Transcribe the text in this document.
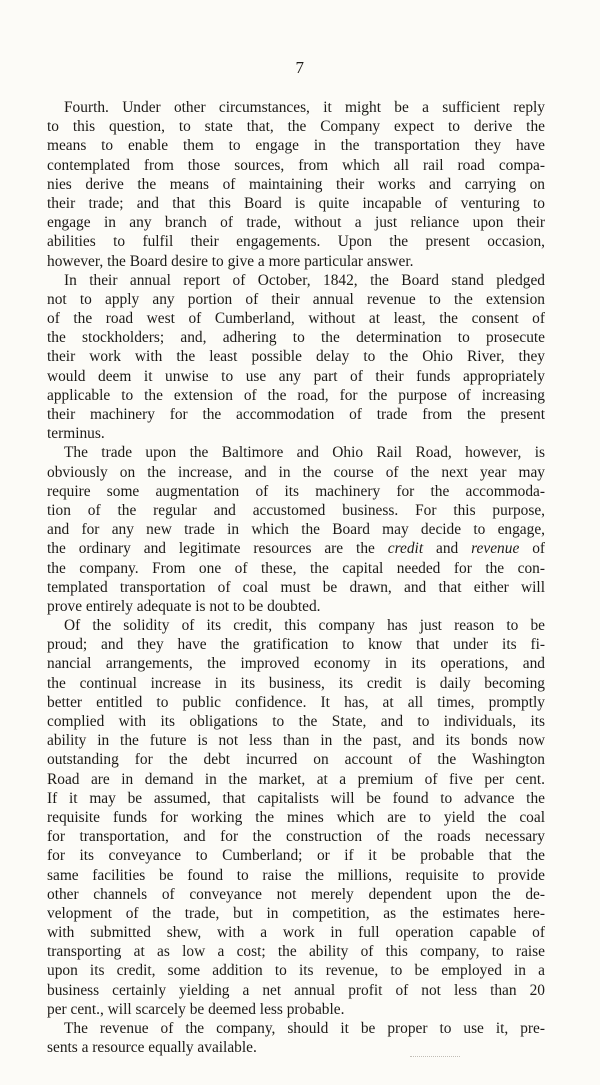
7

Fourth. Under other circumstances, it might be a sufficient reply
to this question, to state that, the Company expect to derive the
means to enable them to engage in the transportation they have
contemplated from those sources, from which all rail road compa-
nies derive the means of maintaining their works and carrying on
their trade; and that this Board is quite incapable of venturing to
engage in any branch of trade, without a just reliance upon their
abilities to fulfil their engagements. Upon the present occasion,
however, the Board desire to give a more particular answer.

In their annual report of October, 1842, the Board stand pledged
not to apply any portion of their annual revenue to the extension
of the road west of Cumberland, without at least, the consent of
the stockholders; and, adhering to the determination to prosecute
their work with the least possible delay to the Ohio River, they
would deem it unwise to use any part of their funds appropriately
applicable to the extension of the road, for the purpose of increasing
their machinery for the accommodation of trade from the present
terminus.

The trade upon the Baltimore and Ohio Rail Road, however, is
obviously on the increase, and in the course of the next year may
require some augmentation of its machinery for the accommoda-
tion of the regular and accustomed business. For this purpose,
and for any new trade in which the Board may decide to engage,
the ordinary and legitimate resources are the credit and revenue of
the company. From one of these, the capital needed for the con-
templated transportation of coal must be drawn, and that either will
prove entirely adequate is not to be doubted.

Of the solidity of its credit, this company has just reason to be
proud; and they have the gratification to know that under its fi-
nancial arrangements, the improved economy in its operations, and
the continual increase in its business, its credit is daily becoming
better entitled to public confidence. It has, at all times, promptly
complied with its obligations to the State, and to individuals, its
ability in the future is not less than in the past, and its bonds now
outstanding for the debt incurred on account of the Washington
Road are in demand in the market, at a premium of five per cent.
If it may be assumed, that capitalists will be found to advance the
requisite funds for working the mines which are to yield the coal
for transportation, and for the construction of the roads necessary
for its conveyance to Cumberland; or if it be probable that the
same facilities be found to raise the millions, requisite to provide
other channels of conveyance not merely dependent upon the de-
velopment of the trade, but in competition, as the estimates here-
with submitted shew, with a work in full operation capable of
transporting at as low a cost; the ability of this company, to raise
upon its credit, some addition to its revenue, to be employed in a
business certainly yielding a net annual profit of not less than 20
per cent., will scarcely be deemed less probable.

The revenue of the company, should it be proper to use it, pre-
sents a resource equally available.
